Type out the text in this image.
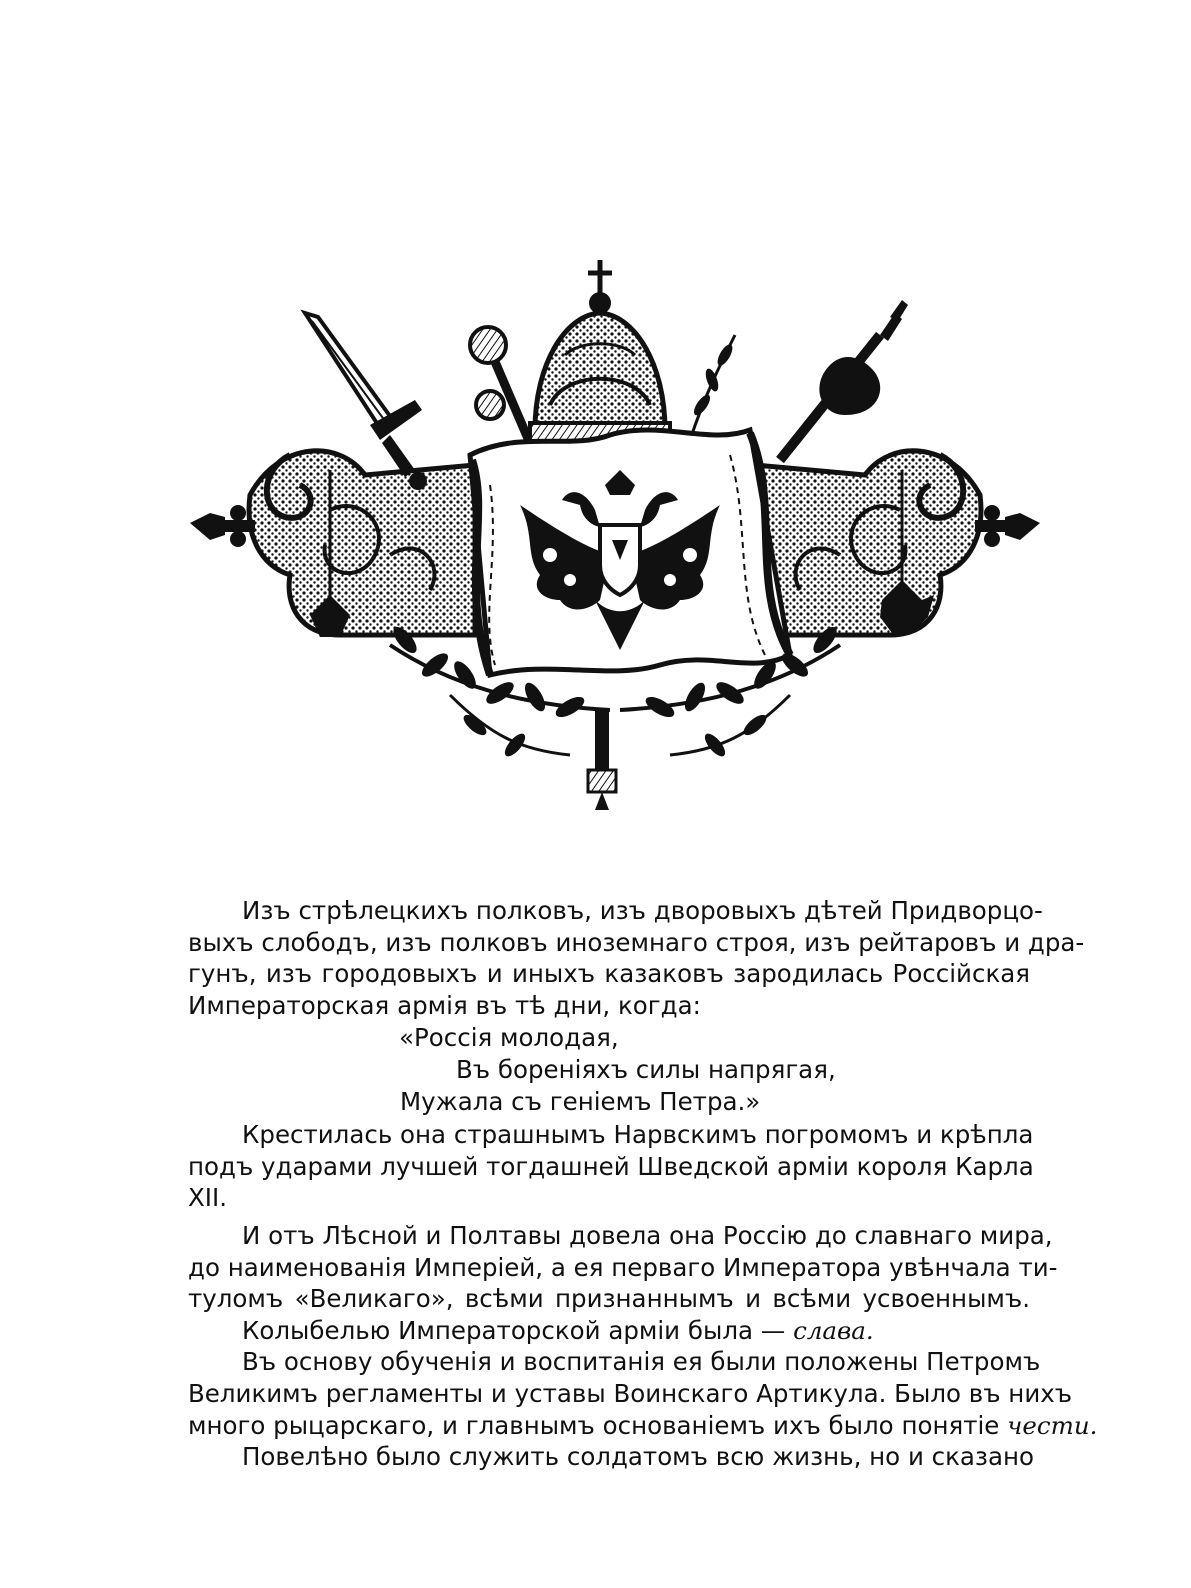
Изъ стрѣлецкихъ полковъ, изъ дворовыхъ дѣтей Придворцо-
выхъ слободъ, изъ полковъ иноземнаго строя, изъ рейтаровъ и дра-
гунъ, изъ городовыхъ и иныхъ казаковъ зародилась Россійская
Императорская армія въ тѣ дни, когда:
«Россія молодая,
Въ бореніяхъ силы напрягая,
Мужала съ геніемъ Петра.»
Крестилась она страшнымъ Нарвскимъ погромомъ и крѣпла
подъ ударами лучшей тогдашней Шведской арміи короля Карла
XII.
И отъ Лѣсной и Полтавы довела она Россію до славнаго мира,
до наименованія Имперіей, а ея перваго Императора увѣнчала ти-
туломъ «Великаго», всѣми признаннымъ и всѣми усвоеннымъ.
Колыбелью Императорской арміи была — слава.
Въ основу обученія и воспитанія ея были положены Петромъ
Великимъ регламенты и уставы Воинскаго Артикула. Было въ нихъ
много рыцарскаго, и главнымъ основаніемъ ихъ было понятіе чести.
Повелѣно было служить солдатомъ всю жизнь, но и сказано
